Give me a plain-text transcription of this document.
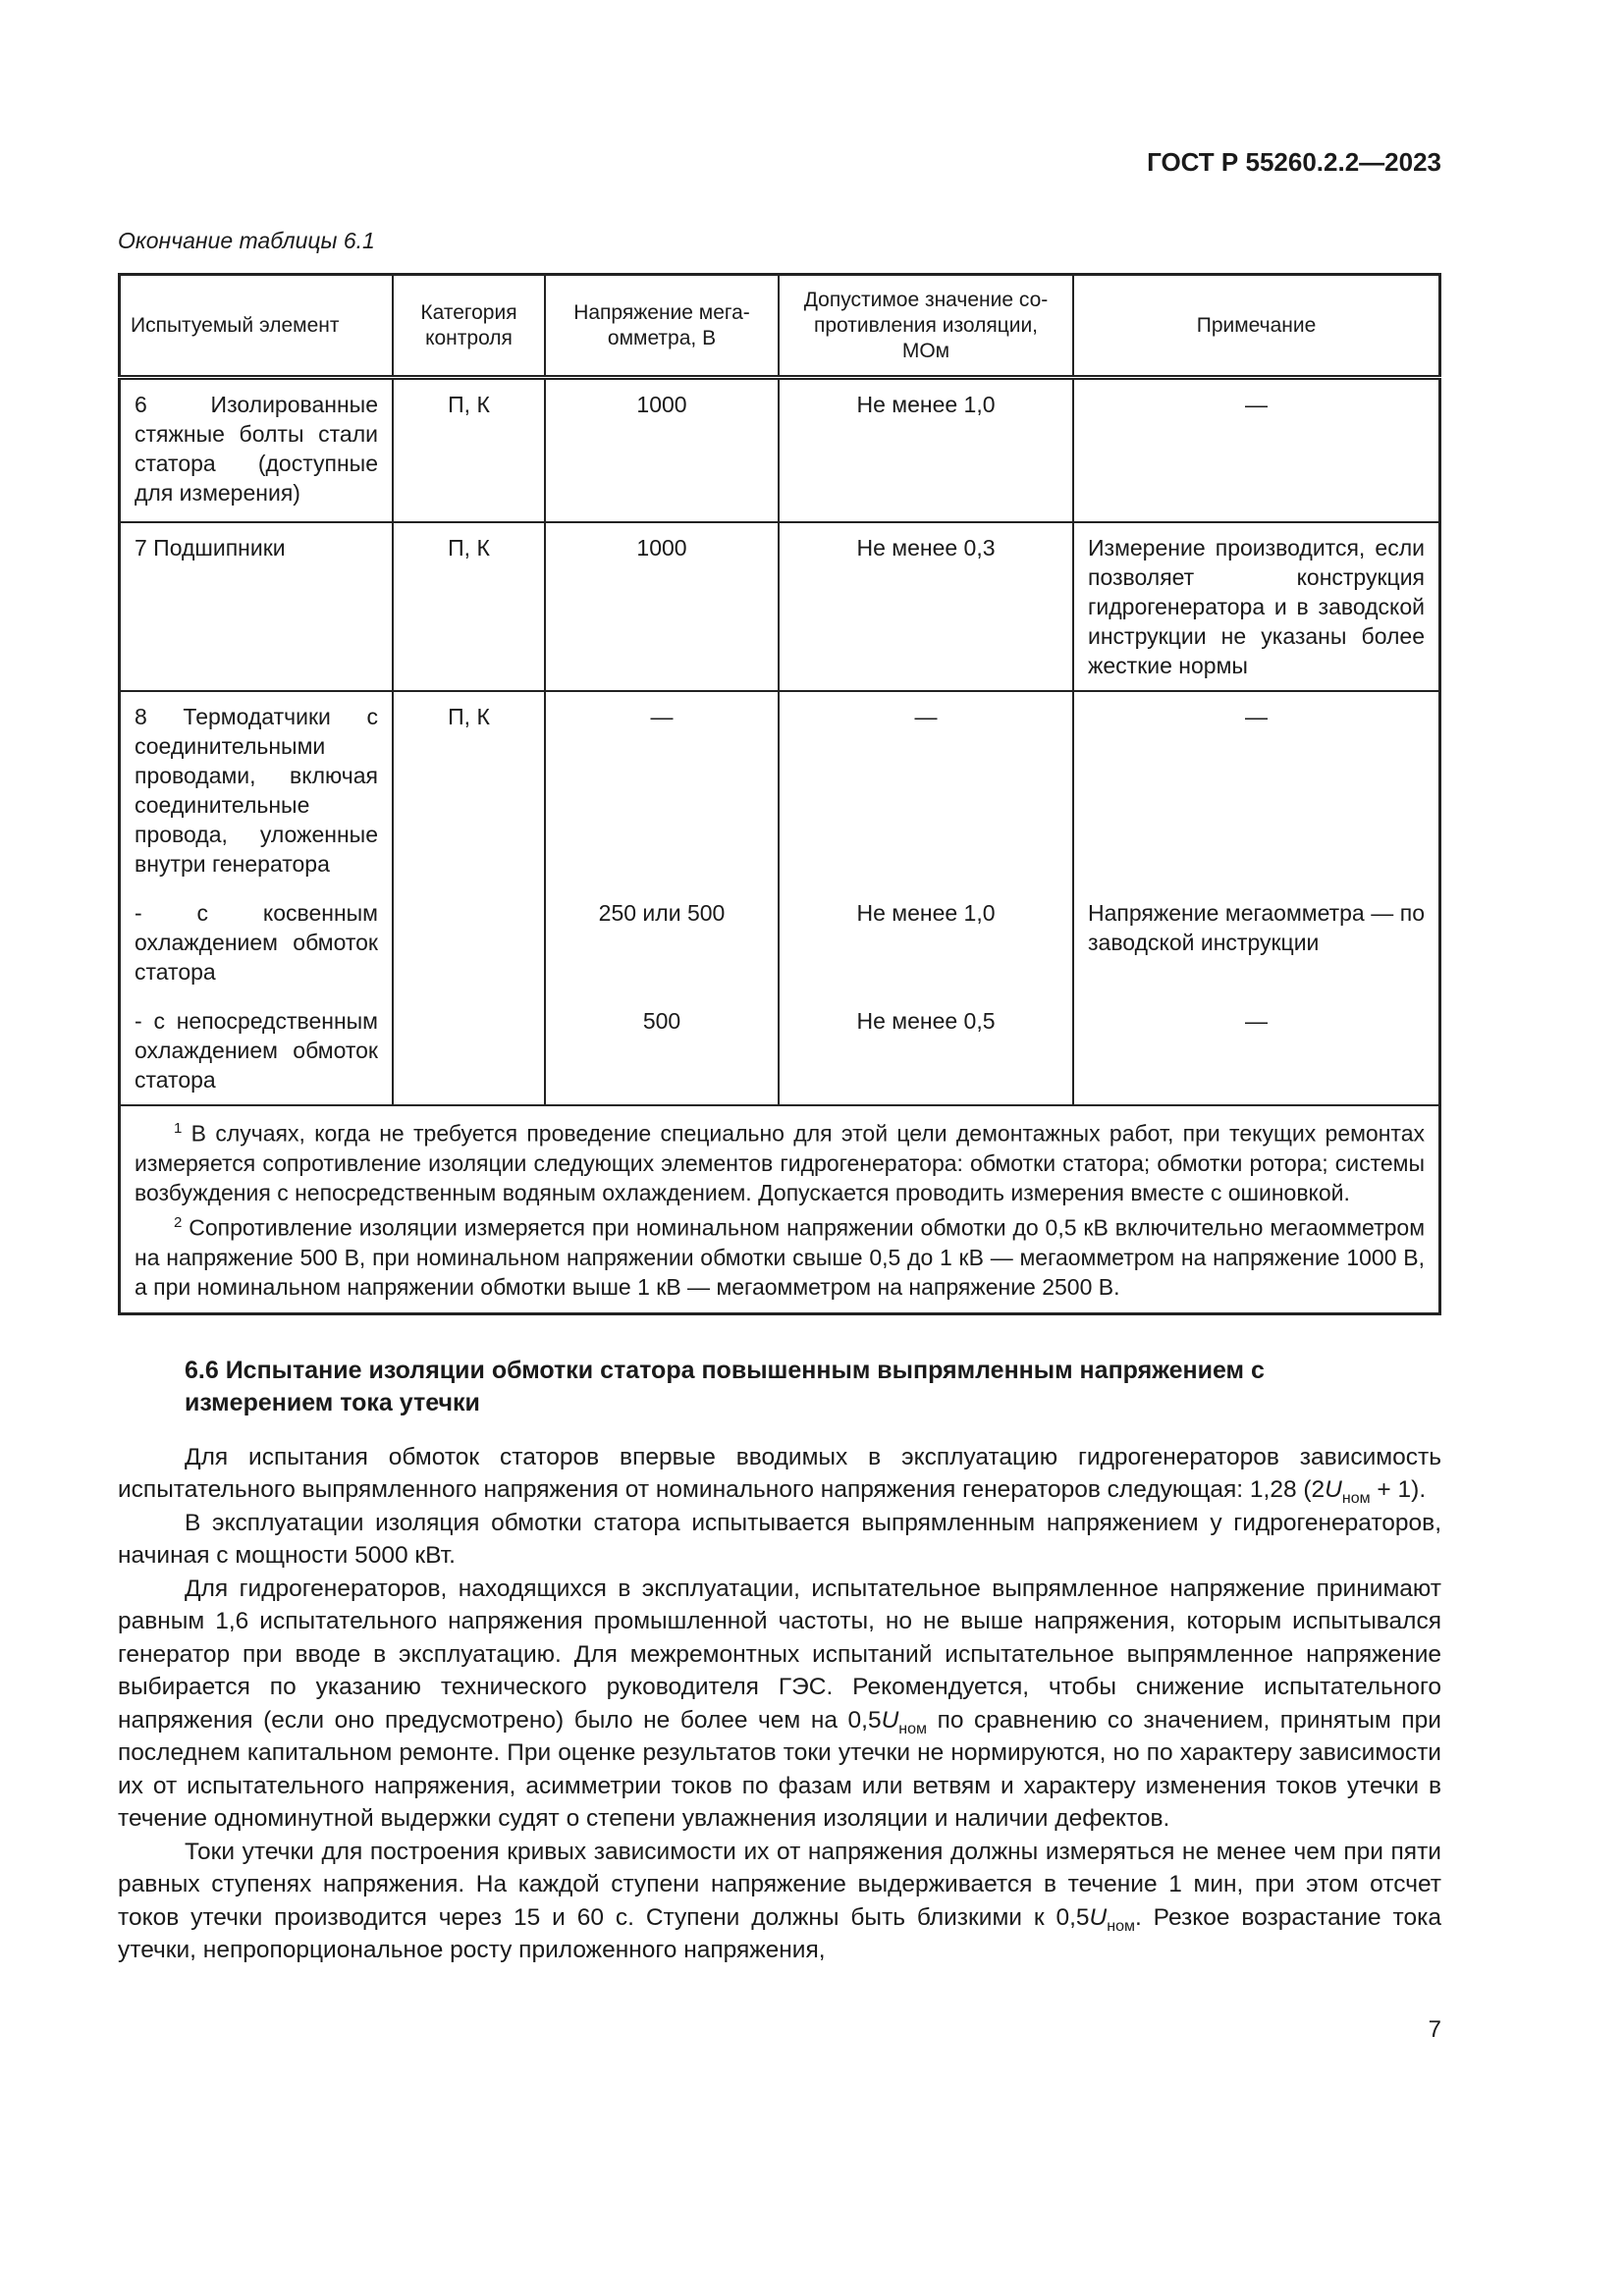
ГОСТ Р 55260.2.2—2023
Окончание таблицы 6.1
Испытуемый элемент	Категория контроля	Напряжение мега-омметра, В	Допустимое значение со-противления изоляции, МОм	Примечание
6 Изолированные стяжные болты стали статора (доступные для измерения)	П, К	1000	Не менее 1,0	—
7 Подшипники	П, К	1000	Не менее 0,3	Измерение производится, если позволяет конструкция гидрогенератора и в заводской инструкции не указаны более жесткие нормы
8 Термодатчики с соединительными проводами, включая соединительные провода, уложенные внутри генератора	П, К	—	—	—
- с косвенным охлаждением обмоток статора		250 или 500	Не менее 1,0	Напряжение мегаомметра — по заводской инструкции
- с непосредственным охлаждением обмоток статора		500	Не менее 0,5	—

$^1$ В случаях, когда не требуется проведение специально для этой цели демонтажных работ, при текущих ремонтах измеряется сопротивление изоляции следующих элементов гидрогенератора: обмотки статора; обмотки ротора; системы возбуждения с непосредственным водяным охлаждением. Допускается проводить измерения вместе с ошиновкой.

$^2$ Сопротивление изоляции измеряется при номинальном напряжении обмотки до 0,5 кВ включительно мегаомметром на напряжение 500 В, при номинальном напряжении обмотки свыше 0,5 до 1 кВ — мегаомметром на напряжение 1000 В, а при номинальном напряжении обмотки выше 1 кВ — мегаомметром на напряжение 2500 В.				

6.6 Испытание изоляции обмотки статора повышенным выпрямленным напряжением с измерением тока утечки

Для испытания обмоток статоров впервые вводимых в эксплуатацию гидрогенераторов зависимость испытательного выпрямленного напряжения от номинального напряжения генераторов следующая: 1,28 $(2U_{ном} + 1)$.

В эксплуатации изоляция обмотки статора испытывается выпрямленным напряжением у гидрогенераторов, начиная с мощности 5000 кВт.

Для гидрогенераторов, находящихся в эксплуатации, испытательное выпрямленное напряжение принимают равным 1,6 испытательного напряжения промышленной частоты, но не выше напряжения, которым испытывался генератор при вводе в эксплуатацию. Для межремонтных испытаний испытательное выпрямленное напряжение выбирается по указанию технического руководителя ГЭС. Рекомендуется, чтобы снижение испытательного напряжения (если оно предусмотрено) было не более чем на $0,5U_{ном}$ по сравнению со значением, принятым при последнем капитальном ремонте. При оценке результатов токи утечки не нормируются, но по характеру зависимости их от испытательного напряжения, асимметрии токов по фазам или ветвям и характеру изменения токов утечки в течение одноминутной выдержки судят о степени увлажнения изоляции и наличии дефектов.

Токи утечки для построения кривых зависимости их от напряжения должны измеряться не менее чем при пяти равных ступенях напряжения. На каждой ступени напряжение выдерживается в течение 1 мин, при этом отсчет токов утечки производится через 15 и 60 с. Ступени должны быть близкими к $0,5U_{ном}$. Резкое возрастание тока утечки, непропорциональное росту приложенного напряжения,

7
